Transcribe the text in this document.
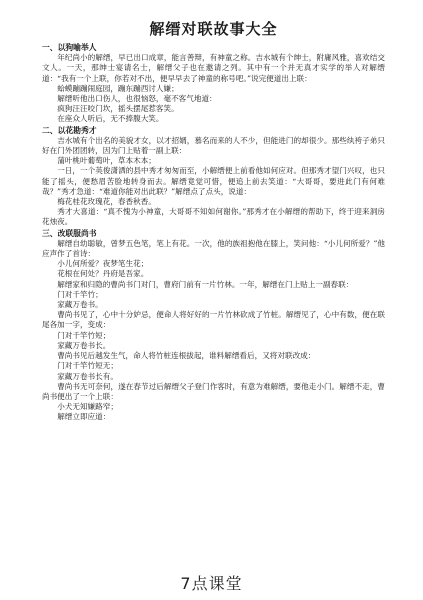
解缙对联故事大全
一、以狗喻举人

年纪尚小的解缙，早已出口成章，能言善辩，有神童之称。吉水城有个绅士，附庸风雅，喜欢结交文人。一天，那绅士宴请名士，解缙父子也在邀请之列。其中有一个并无真才实学的举人对解缙道：“我有一个上联，你若对不出，便早早去了神童的称号吧。”说完便道出上联：

蛤蟆蹦蹦闹庭园，蹦东蹦西讨人嫌；

解缙听他出口伤人，也很恼怒，毫不客气地道：

疯狗汪汪咬门坎，摇头摆尾惹客笑。

在座众人听后，无不捧腹大笑。

二、以花勘秀才

吉水城有个出名的美貌才女，以才招婿，慕名而来的人不少，但能进门的却很少。那些纨袴子弟只好在门外团团转，因为门上贴着一副上联：

蒲叶桃叶葡萄叶，草本木本；

一日，一个英俊潇洒的县中秀才匆匆而至，小解缙便上前看他如何应对。但那秀才望门兴叹，也只能了摇头，便愁眉苦脸地转身而去。解缙竟觉可惜，便追上前去笑道：“大哥哥，要进此门有何难哉？”秀才急道：“难道你能对出此联？”解缙点了点头，说道：

梅花桂花玫瑰花，春香秋香。

秀才大喜道：“真不愧为小神童，大哥哥不知如何谢你。”那秀才在小解缙的帮助下，终于迎来洞房花烛夜。

三、改联服尚书

解缙自幼聪敏，曾梦五色笔，笔上有花。一次，他的族祖抱他在膝上，笑问他：“小儿何所爱？”他应声作了首诗：

小儿何所爱？夜梦笔生花；

花根在何处？丹府是吾家。

解缙家和归隐的曹尚书门对门，曹府门前有一片竹林。一年，解缙在门上贴上一副春联：

门对千竿竹；

家藏万卷书。

曹尚书见了，心中十分妒忌，便命人将好好的一片竹林砍成了竹桩。解缙见了，心中有数，便在联尾各加一字，变成：

门对千竿竹短；

家藏万卷书长。

曹尚书见后越发生气，命人将竹桩连根拔起，谁料解缙看后，又将对联改成：

门对千竿竹短无；

家藏万卷书长有。

曹尚书无可奈何，遂在春节过后解缙父子登门作客时，有意为难解缙，要他走小门。解缙不走，曹尚书便出了一个上联：

小犬无知嫌路窄；

解缙立即应道：

7点课堂
